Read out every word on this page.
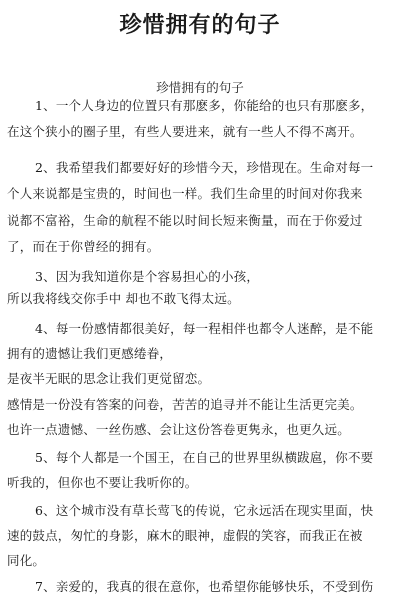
珍惜拥有的句子
珍惜拥有的句子
1、一个人身边的位置只有那麽多，你能给的也只有那麽多，
在这个狭小的圈子里，有些人要进来，就有一些人不得不离开。
2、我希望我们都要好好的珍惜今天，珍惜现在。生命对每一
个人来说都是宝贵的，时间也一样。我们生命里的时间对你我来
说都不富裕，生命的航程不能以时间长短来衡量，而在于你爱过
了，而在于你曾经的拥有。
3、因为我知道你是个容易担心的小孩，
所以我将线交你手中 却也不敢飞得太远。
4、每一份感情都很美好，每一程相伴也都令人迷醉，是不能
拥有的遗憾让我们更感绻眷，
是夜半无眠的思念让我们更觉留恋。
感情是一份没有答案的问卷，苦苦的追寻并不能让生活更完美。
也许一点遗憾、一丝伤感、会让这份答卷更隽永，也更久远。
5、每个人都是一个国王，在自己的世界里纵横跋扈，你不要
听我的，但你也不要让我听你的。
6、这个城市没有草长莺飞的传说，它永远活在现实里面，快
速的鼓点，匆忙的身影，麻木的眼神，虚假的笑容，而我正在被
同化。
7、亲爱的，我真的很在意你，也希望你能够快乐，不受到伤
